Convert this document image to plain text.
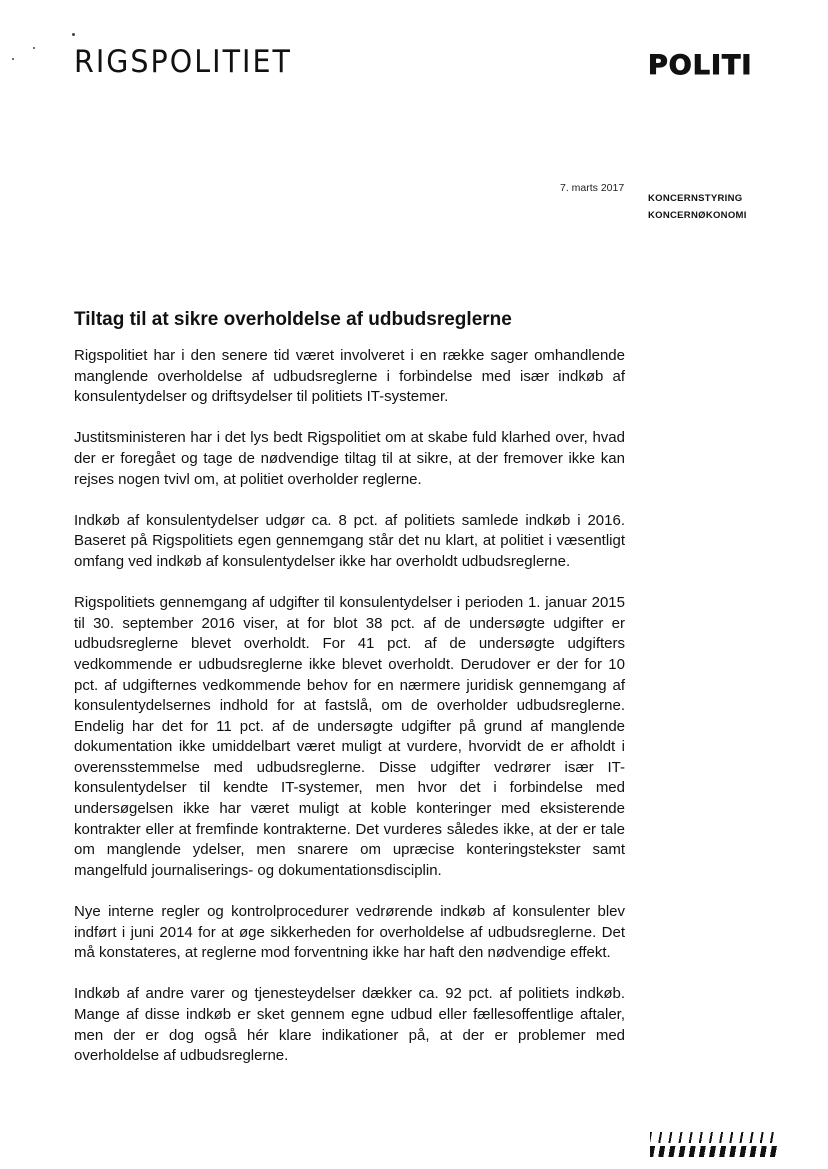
RIGSPOLITIET	POLITI
7. marts 2017
KONCERNSTYRING
KONCERNØKONOMI
Tiltag til at sikre overholdelse af udbudsreglerne

Rigspolitiet har i den senere tid været involveret i en række sager omhandlende manglende overholdelse af udbudsreglerne i forbindelse med især indkøb af konsulentydelser og driftsydelser til politiets IT-systemer.

Justitsministeren har i det lys bedt Rigspolitiet om at skabe fuld klarhed over, hvad der er foregået og tage de nødvendige tiltag til at sikre, at der fremover ikke kan rejses nogen tvivl om, at politiet overholder reglerne.

Indkøb af konsulentydelser udgør ca. 8 pct. af politiets samlede indkøb i 2016. Baseret på Rigspolitiets egen gennemgang står det nu klart, at politiet i væsentligt omfang ved indkøb af konsulentydelser ikke har overholdt udbudsreglerne.

Rigspolitiets gennemgang af udgifter til konsulentydelser i perioden 1. januar 2015 til 30. september 2016 viser, at for blot 38 pct. af de undersøgte udgifter er udbudsreglerne blevet overholdt. For 41 pct. af de undersøgte udgifters vedkommende er udbudsreglerne ikke blevet overholdt. Derudover er der for 10 pct. af udgifternes vedkommende behov for en nærmere juridisk gennemgang af konsulentydelsernes indhold for at fastslå, om de overholder udbudsreglerne. Endelig har det for 11 pct. af de undersøgte udgifter på grund af manglende dokumentation ikke umiddelbart været muligt at vurdere, hvorvidt de er afholdt i overensstemmelse med udbudsreglerne. Disse udgifter vedrører især IT-konsulentydelser til kendte IT-systemer, men hvor det i forbindelse med undersøgelsen ikke har været muligt at koble konteringer med eksisterende kontrakter eller at fremfinde kontrakterne. Det vurderes således ikke, at der er tale om manglende ydelser, men snarere om upræcise konteringstekster samt mangelfuld journaliserings- og dokumentationsdisciplin.

Nye interne regler og kontrolprocedurer vedrørende indkøb af konsulenter blev indført i juni 2014 for at øge sikkerheden for overholdelse af udbudsreglerne. Det må konstateres, at reglerne mod forventning ikke har haft den nødvendige effekt.

Indkøb af andre varer og tjenesteydelser dækker ca. 92 pct. af politiets indkøb. Mange af disse indkøb er sket gennem egne udbud eller fællesoffentlige aftaler, men der er dog også hér klare indikationer på, at der er problemer med overholdelse af udbudsreglerne.
